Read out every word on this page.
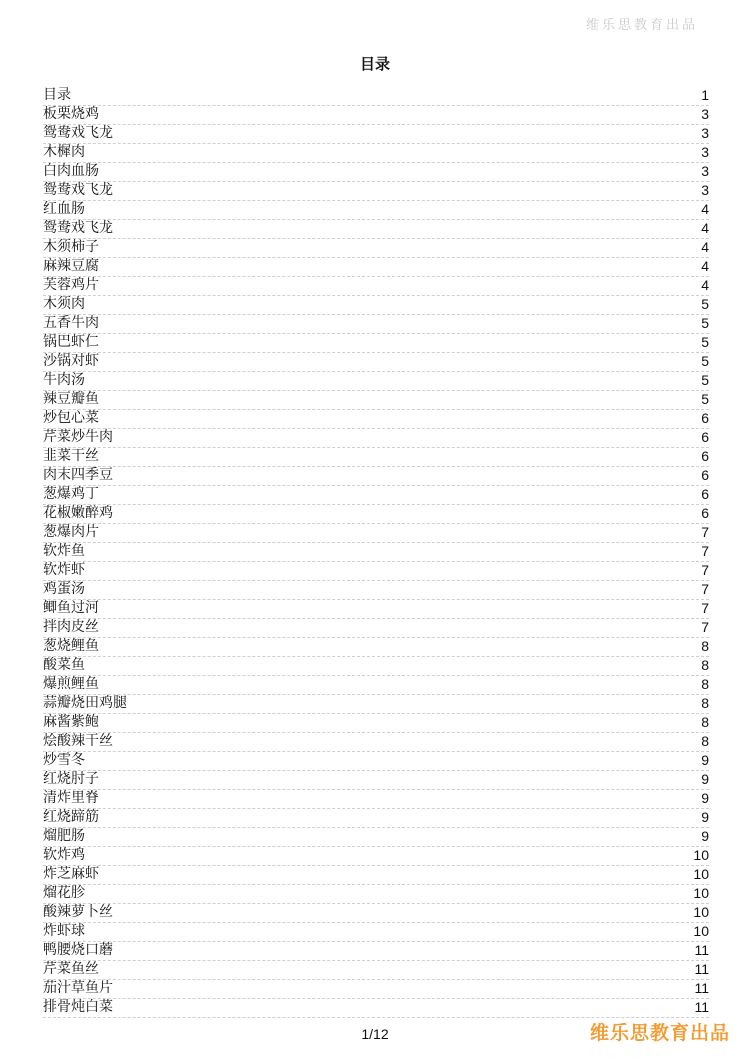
维乐思教育出品
目录
目录	1
板栗烧鸡	3
鸳鸯戏飞龙	3
木樨肉	3
白肉血肠	3
鸳鸯戏飞龙	3
红血肠	4
鸳鸯戏飞龙	4
木须柿子	4
麻辣豆腐	4
芙蓉鸡片	4
木须肉	5
五香牛肉	5
锅巴虾仁	5
沙锅对虾	5
牛肉汤	5
辣豆瓣鱼	5
炒包心菜	6
芹菜炒牛肉	6
韭菜干丝	6
肉末四季豆	6
葱爆鸡丁	6
花椒嫩醉鸡	6
葱爆肉片	7
软炸鱼	7
软炸虾	7
鸡蛋汤	7
鲫鱼过河	7
拌肉皮丝	7
葱烧鲤鱼	8
酸菜鱼	8
爆煎鲤鱼	8
蒜瓣烧田鸡腿	8
麻酱紫鲍	8
烩酸辣干丝	8
炒雪冬	9
红烧肘子	9
清炸里脊	9
红烧蹄筋	9
熘肥肠	9
软炸鸡	10
炸芝麻虾	10
熘花胗	10
酸辣萝卜丝	10
炸虾球	10
鸭腰烧口蘑	11
芹菜鱼丝	11
茄汁草鱼片	11
排骨炖白菜	11
1/12	维乐思教育出品
